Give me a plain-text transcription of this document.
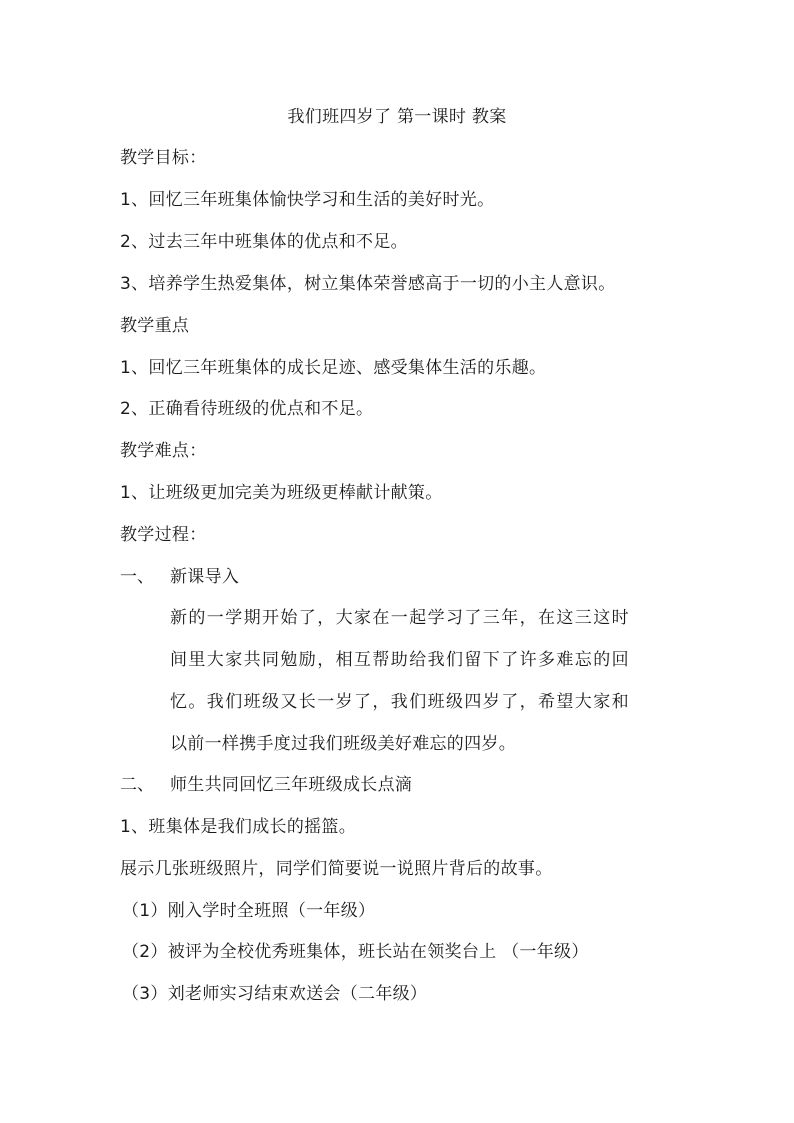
我们班四岁了 第一课时 教案
教学目标：
1、回忆三年班集体愉快学习和生活的美好时光。
2、过去三年中班集体的优点和不足。
3、培养学生热爱集体，树立集体荣誉感高于一切的小主人意识。
教学重点
1、回忆三年班集体的成长足迹、感受集体生活的乐趣。
2、正确看待班级的优点和不足。
教学难点：
1、让班级更加完美为班级更棒献计献策。
教学过程：
一、 新课导入
新的一学期开始了，大家在一起学习了三年，在这三这时
间里大家共同勉励，相互帮助给我们留下了许多难忘的回
忆。我们班级又长一岁了，我们班级四岁了，希望大家和
以前一样携手度过我们班级美好难忘的四岁。
二、 师生共同回忆三年班级成长点滴
1、班集体是我们成长的摇篮。
展示几张班级照片，同学们简要说一说照片背后的故事。
（1）刚入学时全班照（一年级）
（2）被评为全校优秀班集体，班长站在领奖台上 （一年级）
（3）刘老师实习结束欢送会（二年级）
